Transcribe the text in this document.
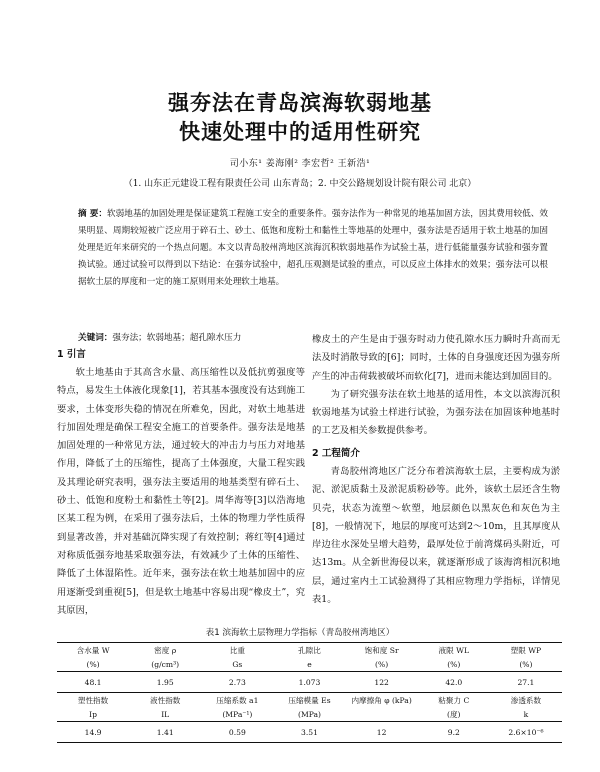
强夯法在青岛滨海软弱地基
快速处理中的适用性研究
司小东¹ 姜海刚² 李宏哲² 王新浩¹
（1. 山东正元建设工程有限责任公司 山东青岛；2. 中交公路规划设计院有限公司 北京）

摘 要：软弱地基的加固处理是保证建筑工程施工安全的重要条件。强夯法作为一种常见的地基加固方法，因其费用较低、效果明显、周期较短被广泛应用于碎石土、砂土、低饱和度粉土和黏性土等地基的处理中，强夯法是否适用于软土地基的加固处理是近年来研究的一个热点问题。本文以青岛胶州湾地区滨海沉积软弱地基作为试验土基，进行低能量强夯试验和强夯置换试验。通过试验可以得到以下结论：在强夯试验中，超孔压观测是试验的重点，可以反应土体排水的效果；强夯法可以根据软土层的厚度和一定的施工原则用来处理软土地基。

关键词：强夯法；软弱地基；超孔隙水压力

1 引言

软土地基由于其高含水量、高压缩性以及低抗剪强度等特点，易发生土体液化现象[1]，若其基本强度没有达到施工要求，土体变形失稳的情况在所难免，因此，对软土地基进行加固处理是确保工程安全施工的首要条件。强夯法是地基加固处理的一种常见方法，通过较大的冲击力与压力对地基作用，降低了土的压缩性，提高了土体强度，大量工程实践及其理论研究表明，强夯法主要适用的地基类型有碎石土、砂土、低饱和度粉土和黏性土等[2]。周华海等[3]以浩海地区某工程为例，在采用了强夯法后，土体的物理力学性质得到显著改善，并对基础沉降实现了有效控制；蒋红等[4]通过对称质低强夯地基采取强夯法，有效减少了土体的压缩性、降低了土体湿陷性。近年来，强夯法在软土地基加固中的应用逐渐受到重视[5]，但是软土地基中容易出现“橡皮土”，究其原因，

橡皮土的产生是由于强夯时动力使孔隙水压力瞬时升高而无法及时消散导致的[6]；同时，土体的自身强度还因为强夯所产生的冲击荷载被破坏而软化[7]，进而未能达到加固目的。

为了研究强夯法在软土地基的适用性，本文以滨海沉积软弱地基为试验土样进行试验，为强夯法在加固该种地基时的工艺及相关参数提供参考。

2 工程简介

青岛胶州湾地区广泛分布着滨海软土层，主要构成为淤泥、淤泥质黏土及淤泥质粉砂等。此外，该软土层还含生物贝壳，状态为流塑～软塑，地层颜色以黑灰色和灰色为主[8]，一般情况下，地层的厚度可达到2～10m，且其厚度从岸边往水深处呈增大趋势，最厚处位于前湾煤码头附近，可达13m。从全新世海侵以来，就逐渐形成了该海湾相沉积地层，通过室内土工试验测得了其相应物理力学指标，详情见表1。

表1 滨海软土层物理力学指标（青岛胶州湾地区）
含水量 W	密度 ρ	比重	孔隙比	饱和度 Sr	液限 WL	塑限 WP
(%)	(g/cm³)	Gs	e	(%)	(%)	(%)
48.1	1.95	2.73	1.073	122	42.0	27.1
塑性指数	液性指数	压缩系数 a1	压缩模量 Es	内摩擦角 φ (kPa)	粘聚力 C	渗透系数
Ip	IL	(MPa⁻¹)	(MPa)		(度)	k
14.9	1.41	0.59	3.51	12	9.2	2.6×10⁻⁶
